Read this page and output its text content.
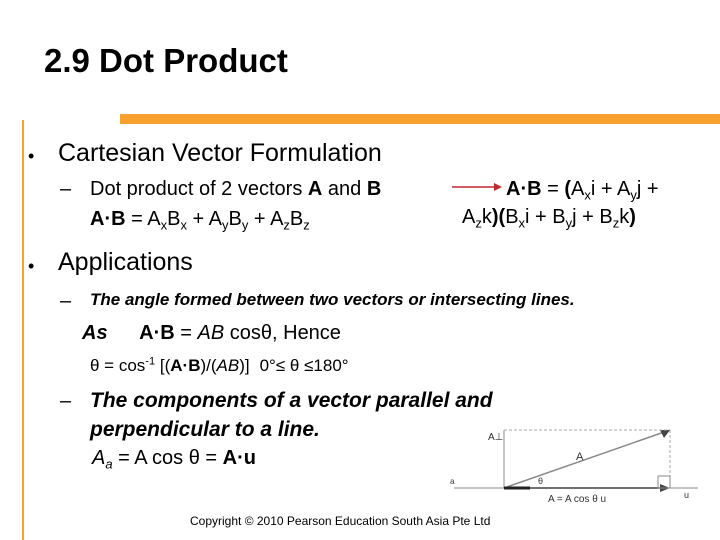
2.9 Dot Product
• Cartesian Vector Formulation
– Dot product of 2 vectors A and B	$A\cdot B = (A_xi + A_yj$ +
$A\cdot B = A_xB_x + A_yB_y + A_zB_z$	$A_zk)(B_xi + B_yj + B_zk)$
• Applications
– The angle formed between two vectors or intersecting lines.
As A·B = AB cosθ, Hence
$\theta = \cos^{-1} [(A\cdot B)/(AB)]$ 0°≤ θ ≤180°
– The components of a vector parallel and
perpendicular to a line.
$A_a = A$ cos θ = A·u
A⊥
A
θ
a
A = A cos θ u	u
Copyright © 2010 Pearson Education South Asia Pte Ltd
